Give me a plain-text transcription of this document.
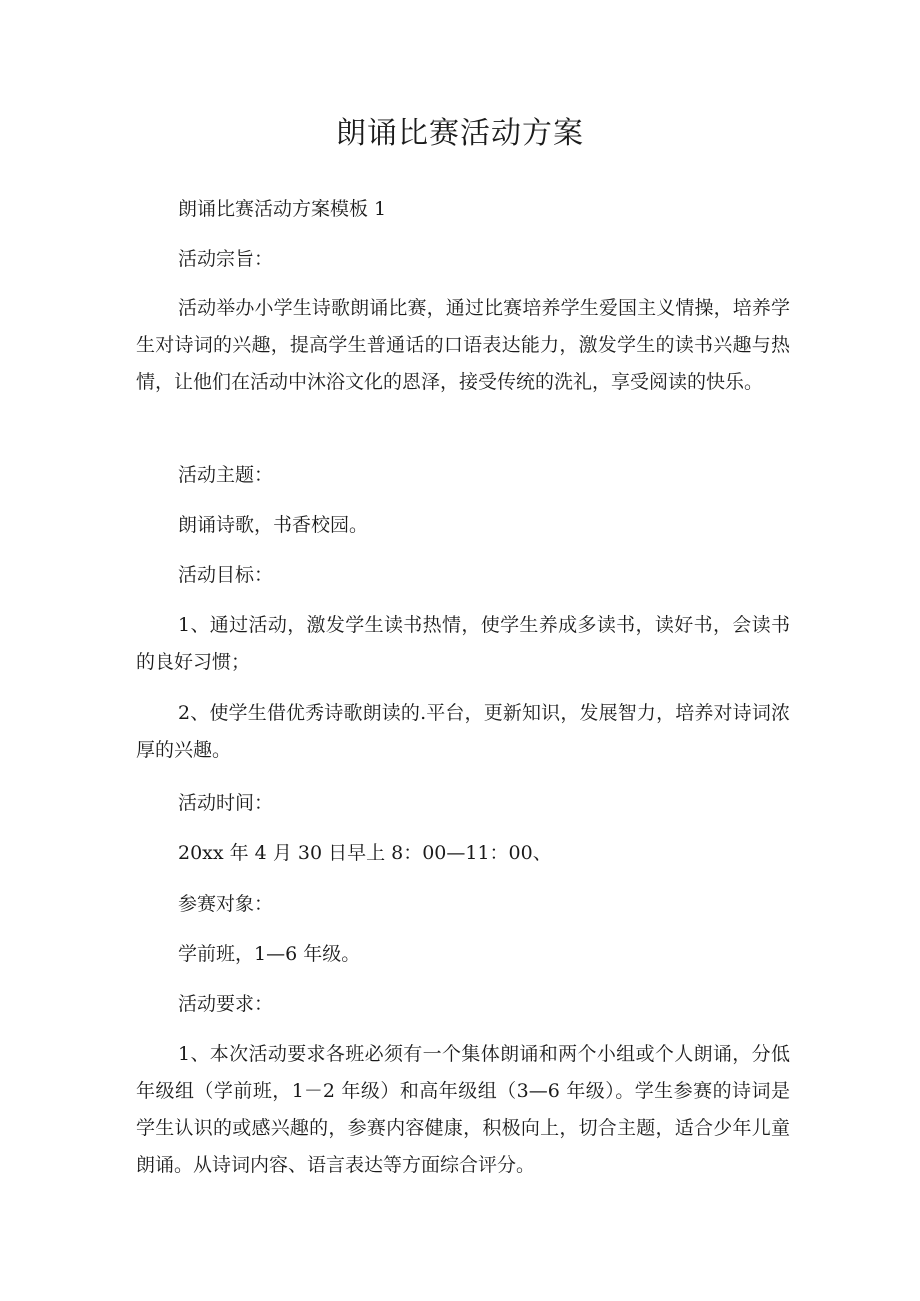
朗诵比赛活动方案
朗诵比赛活动方案模板 1
活动宗旨：
活动举办小学生诗歌朗诵比赛，通过比赛培养学生爱国主义情操，培养学生对诗词的兴趣，提高学生普通话的口语表达能力，激发学生的读书兴趣与热情，让他们在活动中沐浴文化的恩泽，接受传统的洗礼，享受阅读的快乐。
活动主题：
朗诵诗歌，书香校园。
活动目标：
1、通过活动，激发学生读书热情，使学生养成多读书，读好书，会读书的良好习惯；
2、使学生借优秀诗歌朗读的.平台，更新知识，发展智力，培养对诗词浓厚的兴趣。
活动时间：
20xx 年 4 月 30 日早上 8：00—11：00、
参赛对象：
学前班，1—6 年级。
活动要求：
1、本次活动要求各班必须有一个集体朗诵和两个小组或个人朗诵，分低年级组（学前班，1－2 年级）和高年级组（3—6 年级）。学生参赛的诗词是学生认识的或感兴趣的，参赛内容健康，积极向上，切合主题，适合少年儿童朗诵。从诗词内容、语言表达等方面综合评分。
